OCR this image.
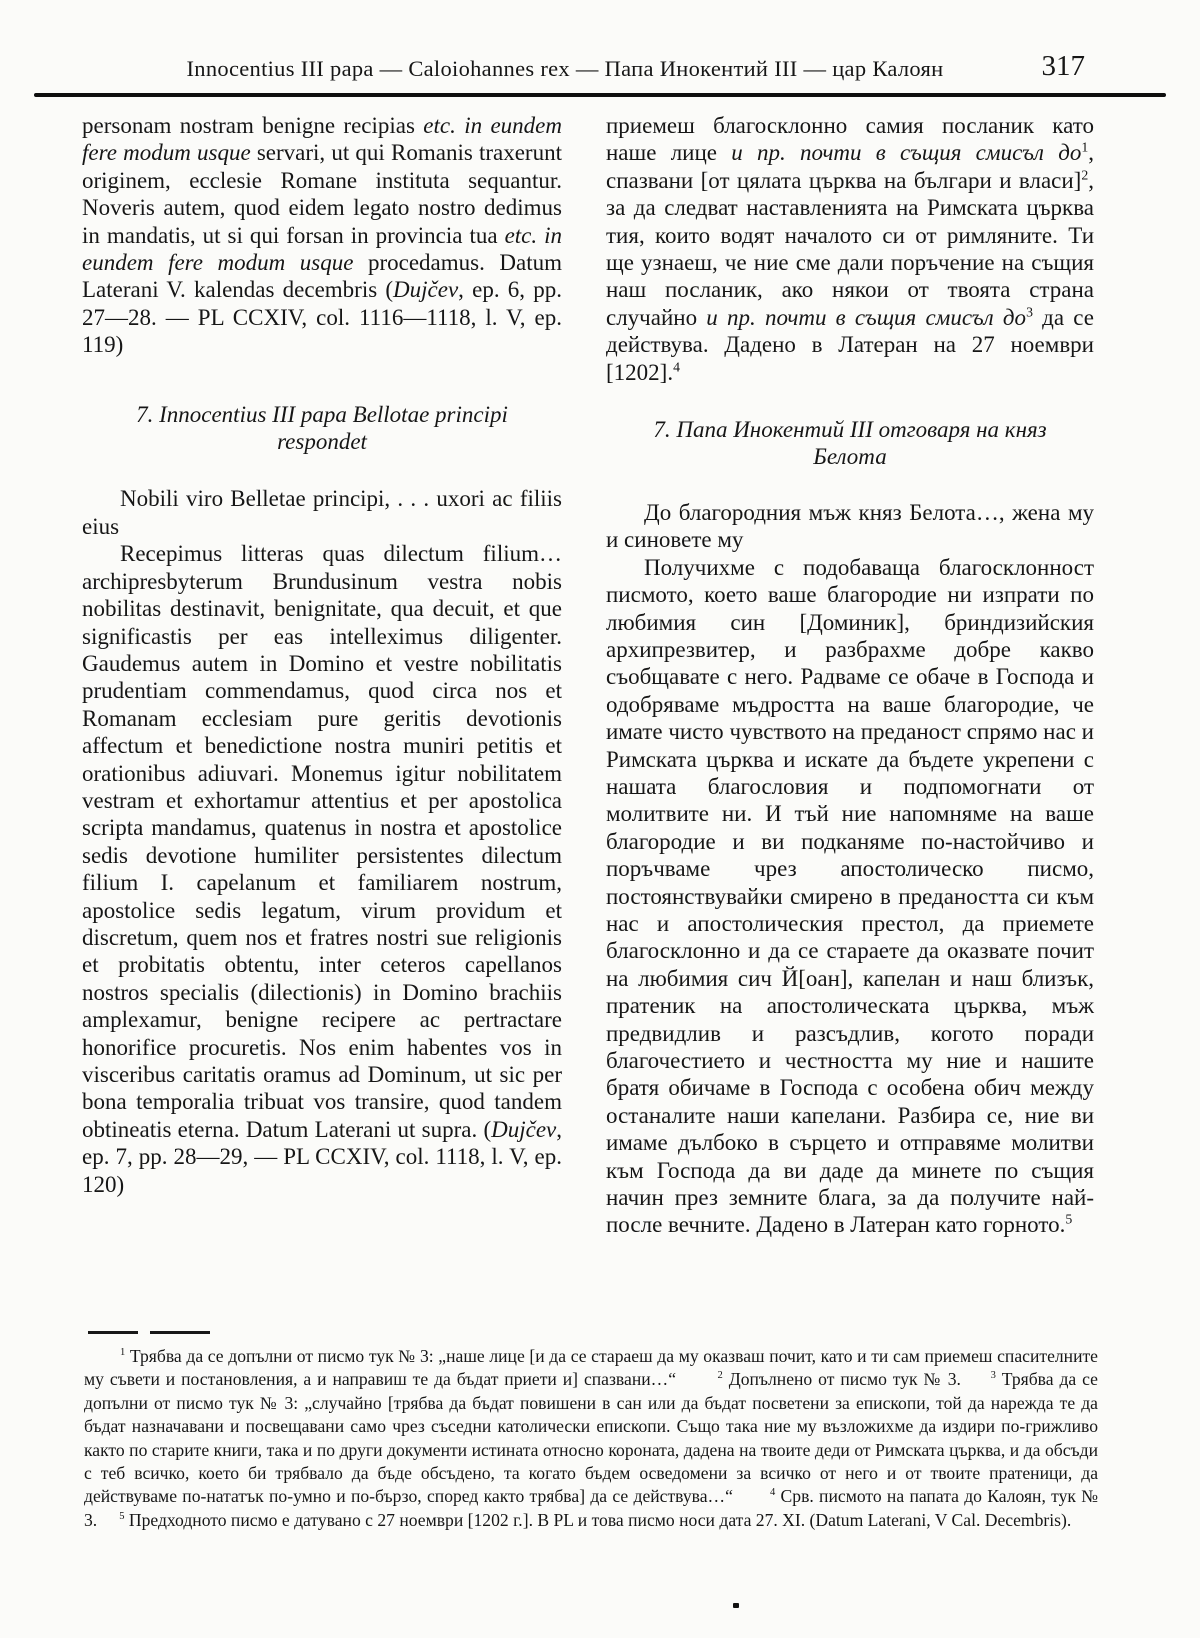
Innocentius III papa — Caloiohannes rex — Папа Инокентий III — цар Калоян	317

personam nostram benigne recipias etc. in eundem fere modum usque servari, ut qui Romanis traxerunt originem, ecclesie Romane instituta sequantur. Noveris autem, quod eidem legato nostro dedimus in mandatis, ut si qui forsan in provincia tua etc. in eundem fere modum usque procedamus. Datum Laterani V. kalendas decembris (Dujčev, ep. 6, pp. 27—28. — PL CCXIV, col. 1116—1118, l. V, ep. 119)

7. Innocentius III papa Bellotae principi respondet

Nobili viro Belletae principi, . . . uxori ac filiis eius

Recepimus litteras quas dilectum filium… archipresbyterum Brundusinum vestra nobis nobilitas destinavit, benignitate, qua decuit, et que significastis per eas intelleximus diligenter. Gaudemus autem in Domino et vestre nobilitatis prudentiam commendamus, quod circa nos et Romanam ecclesiam pure geritis devotionis affectum et benedictione nostra muniri petitis et orationibus adiuvari. Monemus igitur nobilitatem vestram et exhortamur attentius et per apostolica scripta mandamus, quatenus in nostra et apostolice sedis devotione humiliter persistentes dilectum filium I. capelanum et familiarem nostrum, apostolice sedis legatum, virum providum et discretum, quem nos et fratres nostri sue religionis et probitatis obtentu, inter ceteros capellanos nostros specialis (dilectionis) in Domino brachiis amplexamur, benigne recipere ac pertractare honorifice procuretis. Nos enim habentes vos in visceribus caritatis oramus ad Dominum, ut sic per bona temporalia tribuat vos transire, quod tandem obtineatis eterna. Datum Laterani ut supra. (Dujčev, ep. 7, pp. 28—29, — PL CCXIV, col. 1118, l. V, ep. 120)

приемеш благосклонно самия посланик като наше лице и пр. почти в същия смисъл $до^1$, спазвани [от цялата църква на българи и власи]$^2$, за да следват наставленията на Римската църква тия, които водят началото си от римляните. Ти ще узнаеш, че ние сме дали поръчение на същия наш посланик, ако някои от твоята страна случайно и пр. почти в същия смисъл $до^3$ да се действува. Дадено в Латеран на 27 ноември [1202].$^4$

7. Папа Инокентий III отговаря на княз Белота

До благородния мъж княз Белота…, жена му и синовете му

Получихме с подобаваща благосклонност писмото, което ваше благородие ни изпрати по любимия син [Доминик], бриндизийския архипрезвитер, и разбрахме добре какво съобщавате с него. Радваме се обаче в Господа и одобряваме мъдростта на ваше благородие, че имате чисто чувството на преданост спрямо нас и Римската църква и искате да бъдете укрепени с нашата благословия и подпомогнати от молитвите ни. И тъй ние напомняме на ваше благородие и ви подканяме по-настойчиво и поръчваме чрез апостолическо писмо, постоянствувайки смирено в предаността си към нас и апостолическия престол, да приемете благосклонно и да се стараете да оказвате почит на любимия сич Й[оан], капелан и наш близък, пратеник на апостолическата църква, мъж предвидлив и разсъдлив, когото поради благочестието и честността му ние и нашите братя обичаме в Господа с особена обич между останалите наши капелани. Разбира се, ние ви имаме дълбоко в сърцето и отправяме молитви към Господа да ви даде да минете по същия начин през земните блага, за да получите най-после вечните. Дадено в Латеран като горното.$^5$

$^1$ Трябва да се допълни от писмо тук № 3: „наше лице [и да се стараеш да му оказваш почит, като и ти сам приемеш спасителните му съвети и постановления, а и направиш те да бъдат приети и] спазвани…“	$^2$ Допълнено от писмо тук № 3.	$^3$ Трябва да се допълни от писмо тук № 3: „случайно [трябва да бъдат повишени в сан или да бъдат посветени за епископи, той да нарежда те да бъдат назначавани и посвещавани само чрез съседни католически епископи. Също така ние му възложихме да издири по-грижливо както по старите книги, така и по други документи истината относно короната, дадена на твоите деди от Римската църква, и да обсъди с теб всичко, което би трябвало да бъде обсъдено, та когато бъдем осведомени за всичко от него и от твоите пратеници, да действуваме по-нататък по-умно и по-бързо, според както трябва] да се действува…“	$^4$ Срв. писмото на папата до Калоян, тук № 3. $^5$ Предходното писмо е датувано с 27 ноември [1202 г.]. В PL и това писмо носи дата 27. XI. (Datum Laterani, V Cal. Decembris).
